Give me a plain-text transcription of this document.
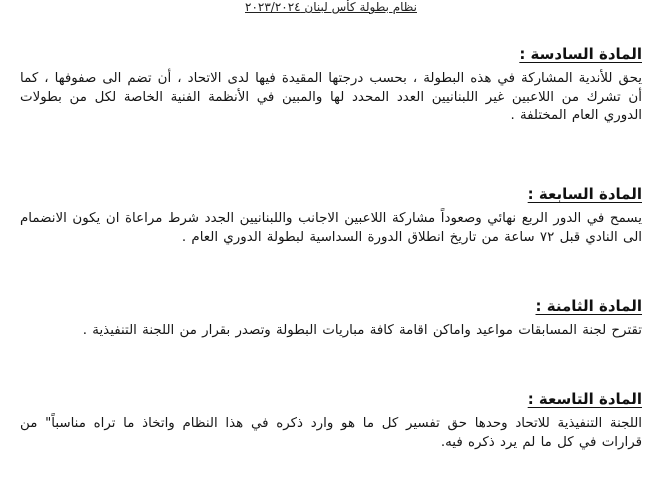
نظام بطولة كأس لبنان ٢٠٢٣/٢٠٢٤
المادة السادسة :

يحق للأندية المشاركة في هذه البطولة ، بحسب درجتها المقيدة فيها لدى الاتحاد ، أن تضم الى صفوفها ، كما أن تشرك من اللاعبين غير اللبنانيين العدد المحدد لها والمبين في الأنظمة الفنية الخاصة لكل من بطولات الدوري العام المختلفة .

المادة السابعة :

يسمح في الدور الربع نهائي وصعوداً مشاركة اللاعبين الاجانب واللبنانيين الجدد شرط مراعاة ان يكون الانضمام الى النادي قبل ٧٢ ساعة من تاريخ انطلاق الدورة السداسية لبطولة الدوري العام .

المادة الثامنة :

تقترح لجنة المسابقات مواعيد واماكن اقامة كافة مباريات البطولة وتصدر بقرار من اللجنة التنفيذية .

المادة التاسعة :

اللجنة التنفيذية للاتحاد وحدها حق تفسير كل ما هو وارد ذكره في هذا النظام واتخاذ ما تراه مناسباً" من قرارات في كل ما لم يرد ذكره فيه.
